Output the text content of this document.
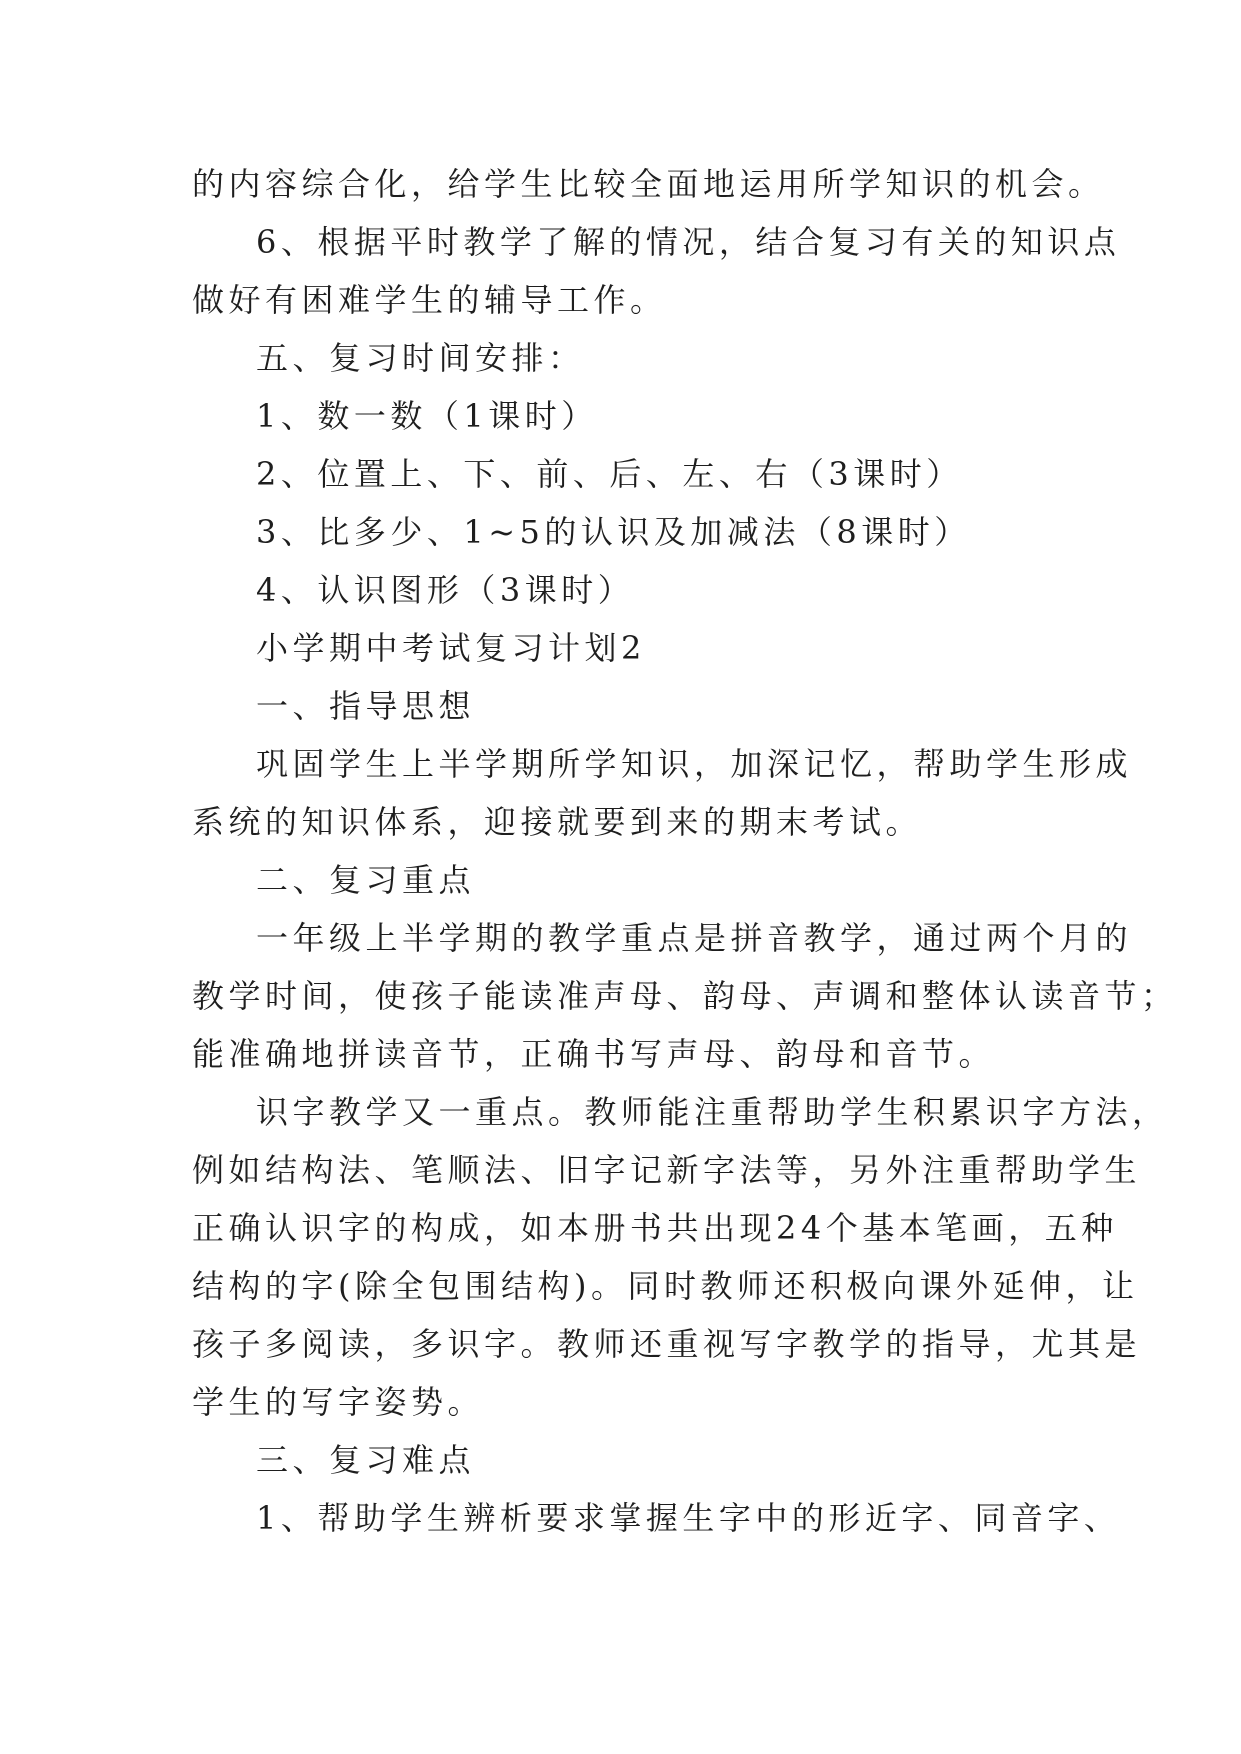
的内容综合化，给学生比较全面地运用所学知识的机会。
6、根据平时教学了解的情况，结合复习有关的知识点
做好有困难学生的辅导工作。
五、复习时间安排：
1、数一数（1课时）
2、位置上、下、前、后、左、右（3课时）
3、比多少、1~5的认识及加减法（8课时）
4、认识图形（3课时）
小学期中考试复习计划2
一、指导思想
巩固学生上半学期所学知识，加深记忆，帮助学生形成
系统的知识体系，迎接就要到来的期末考试。
二、复习重点
一年级上半学期的教学重点是拼音教学，通过两个月的
教学时间，使孩子能读准声母、韵母、声调和整体认读音节；
能准确地拼读音节，正确书写声母、韵母和音节。
识字教学又一重点。教师能注重帮助学生积累识字方法，
例如结构法、笔顺法、旧字记新字法等，另外注重帮助学生
正确认识字的构成，如本册书共出现24个基本笔画，五种
结构的字(除全包围结构)。同时教师还积极向课外延伸，让
孩子多阅读，多识字。教师还重视写字教学的指导，尤其是
学生的写字姿势。
三、复习难点
1、帮助学生辨析要求掌握生字中的形近字、同音字、
